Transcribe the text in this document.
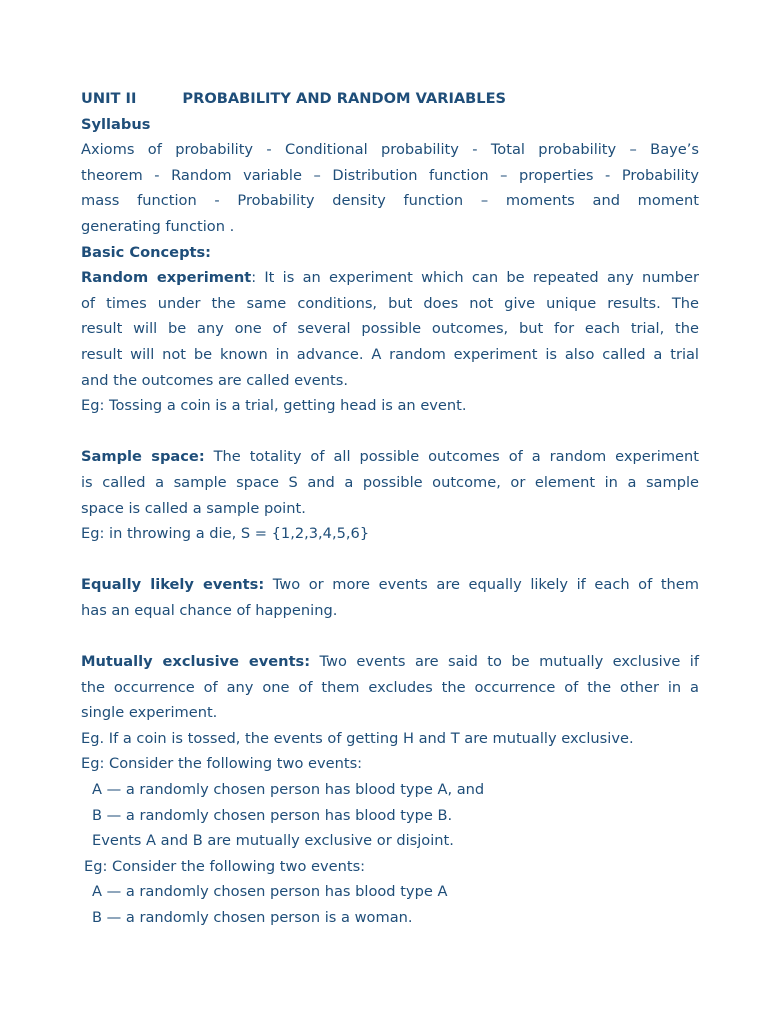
UNIT II	PROBABILITY AND RANDOM VARIABLES

Syllabus

Axioms of probability - Conditional probability - Total probability – Baye’s

theorem - Random variable – Distribution function – properties - Probability

mass function - Probability density function – moments and moment

generating function .

Basic Concepts:

Random experiment: It is an experiment which can be repeated any number

of times under the same conditions, but does not give unique results. The

result will be any one of several possible outcomes, but for each trial, the

result will not be known in advance. A random experiment is also called a trial

and the outcomes are called events.

Eg: Tossing a coin is a trial, getting head is an event.

Sample space: The totality of all possible outcomes of a random experiment

is called a sample space S and a possible outcome, or element in a sample

space is called a sample point.

Eg: in throwing a die, S = {1,2,3,4,5,6}

Equally likely events: Two or more events are equally likely if each of them

has an equal chance of happening.

Mutually exclusive events: Two events are said to be mutually exclusive if

the occurrence of any one of them excludes the occurrence of the other in a

single experiment.

Eg. If a coin is tossed, the events of getting H and T are mutually exclusive.

Eg: Consider the following two events:

A — a randomly chosen person has blood type A, and

B — a randomly chosen person has blood type B.

Events A and B are mutually exclusive or disjoint.

Eg: Consider the following two events:

A — a randomly chosen person has blood type A

B — a randomly chosen person is a woman.
